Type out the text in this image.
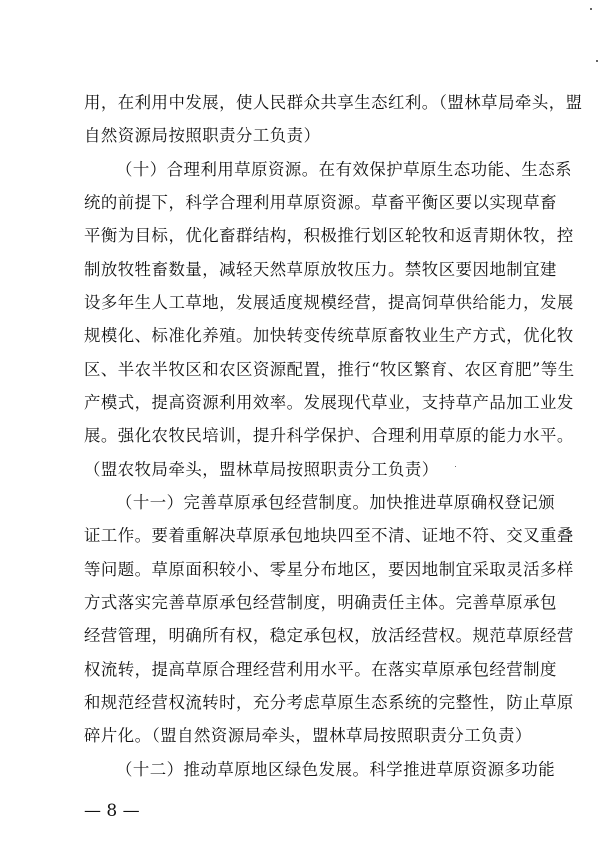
用，在利用中发展，使人民群众共享生态红利。（盟林草局牵头，盟
自然资源局按照职责分工负责）
（十）合理利用草原资源。在有效保护草原生态功能、生态系
统的前提下，科学合理利用草原资源。草畜平衡区要以实现草畜
平衡为目标，优化畜群结构，积极推行划区轮牧和返青期休牧，控
制放牧牲畜数量，减轻天然草原放牧压力。禁牧区要因地制宜建
设多年生人工草地，发展适度规模经营，提高饲草供给能力，发展
规模化、标准化养殖。加快转变传统草原畜牧业生产方式，优化牧
区、半农半牧区和农区资源配置，推行“牧区繁育、农区育肥”等生
产模式，提高资源利用效率。发展现代草业，支持草产品加工业发
展。强化农牧民培训，提升科学保护、合理利用草原的能力水平。
（盟农牧局牵头，盟林草局按照职责分工负责）
（十一）完善草原承包经营制度。加快推进草原确权登记颁
证工作。要着重解决草原承包地块四至不清、证地不符、交叉重叠
等问题。草原面积较小、零星分布地区，要因地制宜采取灵活多样
方式落实完善草原承包经营制度，明确责任主体。完善草原承包
经营管理，明确所有权，稳定承包权，放活经营权。规范草原经营
权流转，提高草原合理经营利用水平。在落实草原承包经营制度
和规范经营权流转时，充分考虑草原生态系统的完整性，防止草原
碎片化。（盟自然资源局牵头，盟林草局按照职责分工负责）
（十二）推动草原地区绿色发展。科学推进草原资源多功能
— 8 —
